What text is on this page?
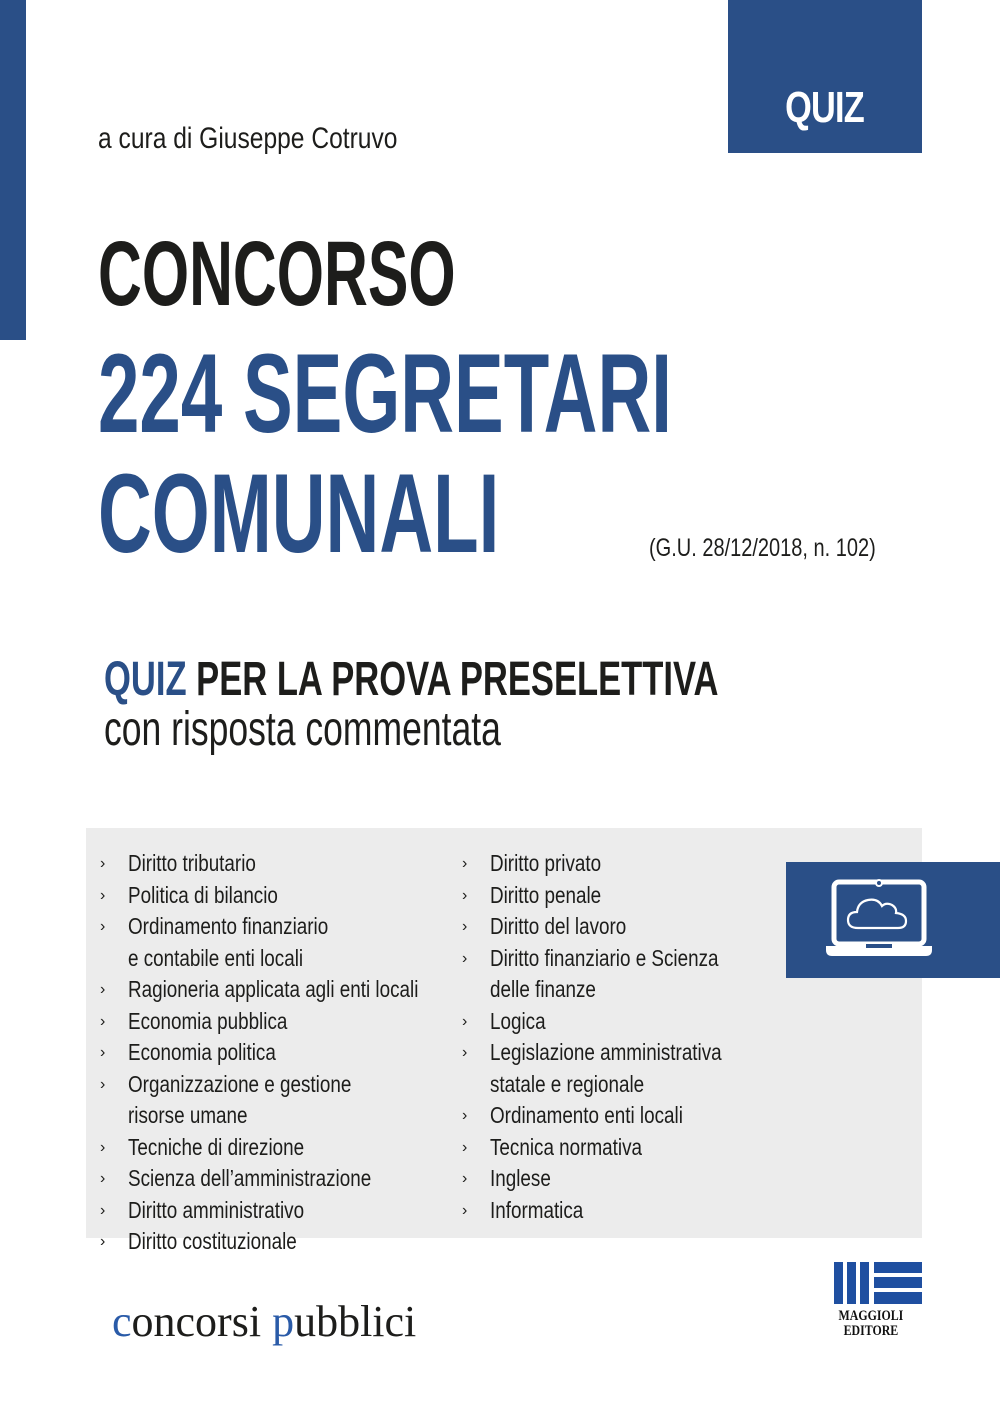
QUIZ
a cura di Giuseppe Cotruvo
CONCORSO
224 SEGRETARI
COMUNALI	(G.U. 28/12/2018, n. 102)
QUIZ PER LA PROVA PRESELETTIVA
con risposta commentata
› Diritto tributario
› Politica di bilancio
› Ordinamento finanziario
e contabile enti locali
› Ragioneria applicata agli enti locali
› Economia pubblica
› Economia politica
› Organizzazione e gestione
risorse umane
› Tecniche di direzione
› Scienza dell’amministrazione
› Diritto amministrativo
› Diritto costituzionale
› Diritto privato
› Diritto penale
› Diritto del lavoro
› Diritto finanziario e Scienza
delle finanze
› Logica
› Legislazione amministrativa
statale e regionale
› Ordinamento enti locali
› Tecnica normativa
› Inglese
› Informatica
concorsi pubblici	MAGGIOLI
EDITORE
